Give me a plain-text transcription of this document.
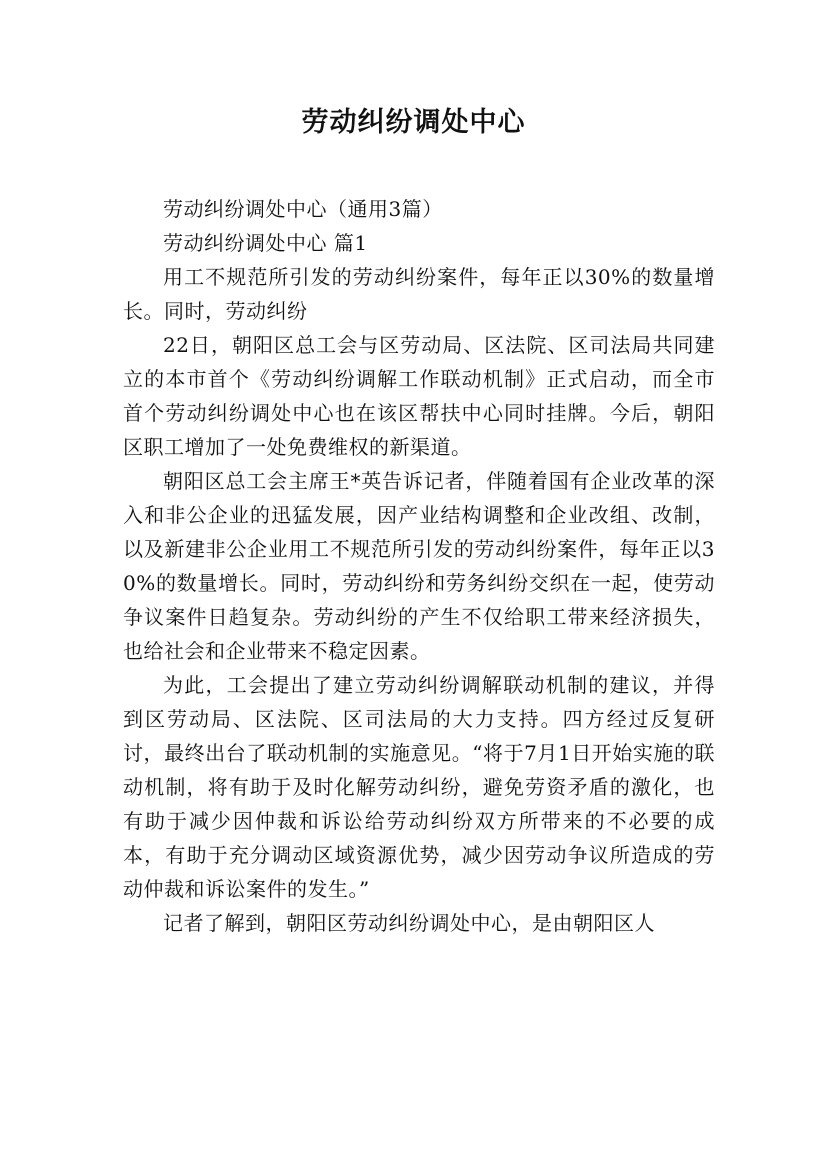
劳动纠纷调处中心

劳动纠纷调处中心（通用3篇）

劳动纠纷调处中心 篇1

用工不规范所引发的劳动纠纷案件，每年正以30%的数量增长。同时，劳动纠纷

22日，朝阳区总工会与区劳动局、区法院、区司法局共同建立的本市首个《劳动纠纷调解工作联动机制》正式启动，而全市首个劳动纠纷调处中心也在该区帮扶中心同时挂牌。今后，朝阳区职工增加了一处免费维权的新渠道。

朝阳区总工会主席王*英告诉记者，伴随着国有企业改革的深入和非公企业的迅猛发展，因产业结构调整和企业改组、改制，以及新建非公企业用工不规范所引发的劳动纠纷案件，每年正以30%的数量增长。同时，劳动纠纷和劳务纠纷交织在一起，使劳动争议案件日趋复杂。劳动纠纷的产生不仅给职工带来经济损失，也给社会和企业带来不稳定因素。

为此，工会提出了建立劳动纠纷调解联动机制的建议，并得到区劳动局、区法院、区司法局的大力支持。四方经过反复研讨，最终出台了联动机制的实施意见。“将于7月1日开始实施的联动机制，将有助于及时化解劳动纠纷，避免劳资矛盾的激化，也有助于减少因仲裁和诉讼给劳动纠纷双方所带来的不必要的成本，有助于充分调动区域资源优势，减少因劳动争议所造成的劳动仲裁和诉讼案件的发生。”

记者了解到，朝阳区劳动纠纷调处中心，是由朝阳区人
